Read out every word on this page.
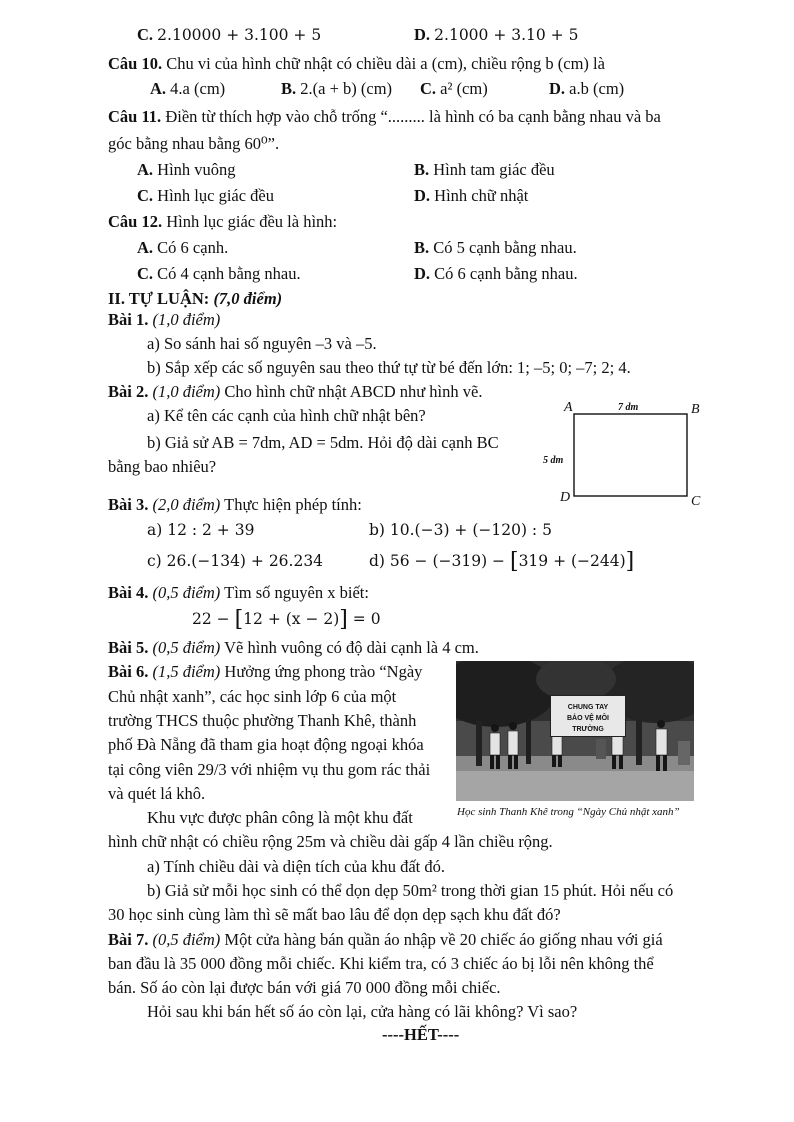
C. 2.10000 + 3.100 + 5	D. 2.1000 + 3.10 + 5
Câu 10. Chu vi của hình chữ nhật có chiều dài a (cm), chiều rộng b (cm) là
A. 4.a (cm)	B. 2.(a + b) (cm) C. a² (cm)	D. a.b (cm)
Câu 11. Điền từ thích hợp vào chỗ trống “......... là hình có ba cạnh bằng nhau và ba
góc bằng nhau bằng 60⁰”.
A. Hình vuông	B. Hình tam giác đều
C. Hình lục giác đều	D. Hình chữ nhật
Câu 12. Hình lục giác đều là hình:
A. Có 6 cạnh.	B. Có 5 cạnh bằng nhau.
C. Có 4 cạnh bằng nhau.	D. Có 6 cạnh bằng nhau.
II. TỰ LUẬN: (7,0 điểm)
Bài 1. (1,0 điểm)
a) So sánh hai số nguyên –3 và –5.
b) Sắp xếp các số nguyên sau theo thứ tự từ bé đến lớn: 1; –5; 0; –7; 2; 4.
Bài 2. (1,0 điểm) Cho hình chữ nhật ABCD như hình vẽ.
a) Kể tên các cạnh của hình chữ nhật bên?
b) Giả sử AB = 7dm, AD = 5dm. Hỏi độ dài cạnh BC
bằng bao nhiêu?
A	B
C
D
7 dm
5 dm
Bài 3. (2,0 điểm) Thực hiện phép tính:
a) 12 : 2 + 39	b) 10.(−3) + (−120) : 5
c) 26.(−134) + 26.234	d) 56 − (−319) − [319 + (−244)]
Bài 4. (0,5 điểm) Tìm số nguyên x biết:
22 − [12 + (x − 2)] = 0
Bài 5. (0,5 điểm) Vẽ hình vuông có độ dài cạnh là 4 cm.
Bài 6. (1,5 điểm) Hưởng ứng phong trào “Ngày
Chủ nhật xanh”, các học sinh lớp 6 của một
trường THCS thuộc phường Thanh Khê, thành
phố Đà Nẵng đã tham gia hoạt động ngoại khóa
tại công viên 29/3 với nhiệm vụ thu gom rác thải
và quét lá khô.
Khu vực được phân công là một khu đất
hình chữ nhật có chiều rộng 25m và chiều dài gấp 4 lần chiều rộng.
a) Tính chiều dài và diện tích của khu đất đó.
b) Giả sử mỗi học sinh có thể dọn dẹp 50m² trong thời gian 15 phút. Hỏi nếu có
30 học sinh cùng làm thì sẽ mất bao lâu để dọn dẹp sạch khu đất đó?
CHUNG TAY
BẢO VỆ MÔI TRƯỜNG
Học sinh Thanh Khê trong “Ngày Chủ nhật xanh”
Bài 7. (0,5 điểm) Một cửa hàng bán quần áo nhập về 20 chiếc áo giống nhau với giá
ban đầu là 35 000 đồng mỗi chiếc. Khi kiểm tra, có 3 chiếc áo bị lỗi nên không thể
bán. Số áo còn lại được bán với giá 70 000 đồng mỗi chiếc.
Hỏi sau khi bán hết số áo còn lại, cửa hàng có lãi không? Vì sao?
----HẾT----
